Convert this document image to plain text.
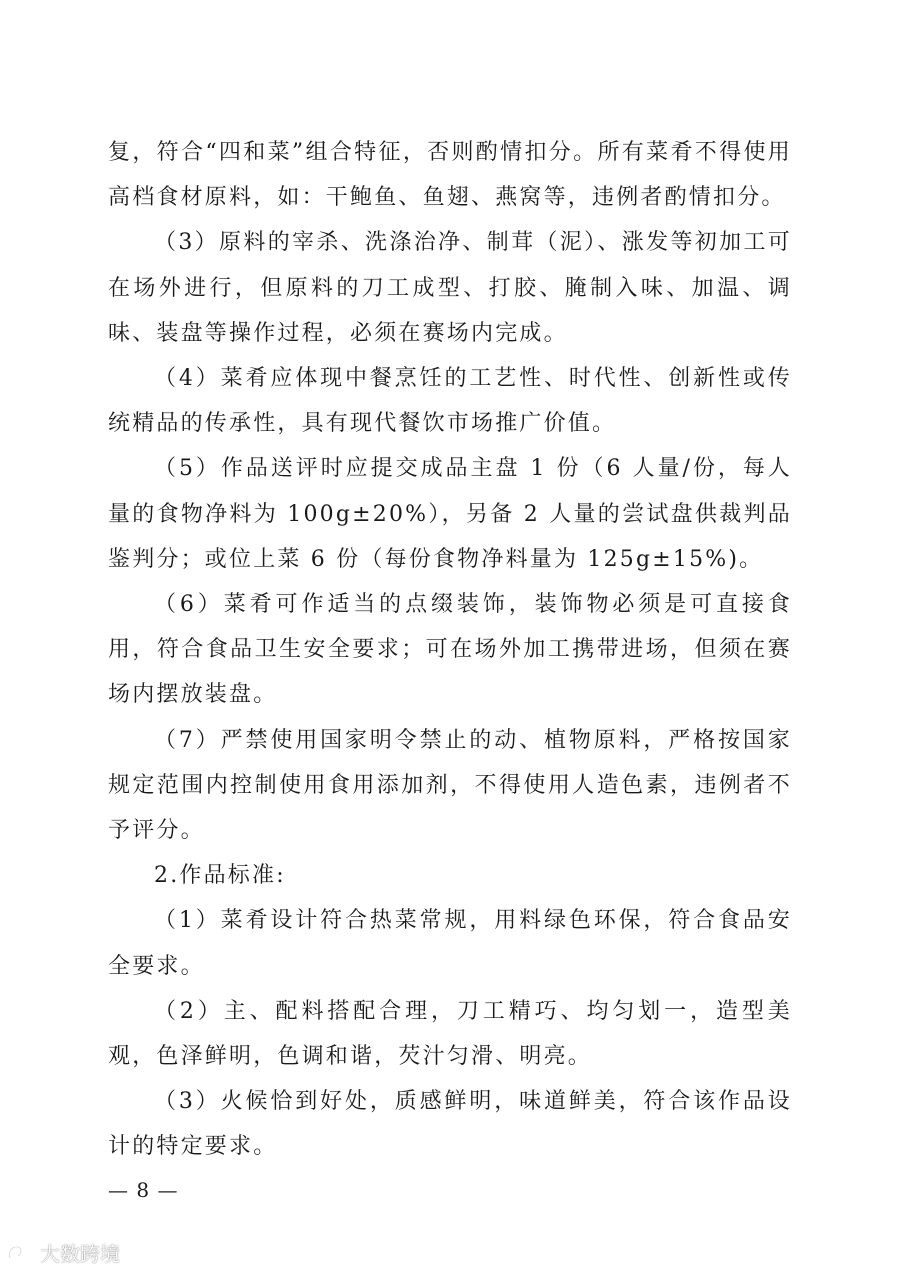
复，符合“四和菜”组合特征，否则酌情扣分。所有菜肴不得使用高档食材原料，如：干鲍鱼、鱼翅、燕窝等，违例者酌情扣分。

（3）原料的宰杀、洗涤治净、制茸（泥）、涨发等初加工可在场外进行，但原料的刀工成型、打胶、腌制入味、加温、调味、装盘等操作过程，必须在赛场内完成。

（4）菜肴应体现中餐烹饪的工艺性、时代性、创新性或传统精品的传承性，具有现代餐饮市场推广价值。

（5）作品送评时应提交成品主盘 1 份（6 人量/份，每人量的食物净料为 100g±20%），另备 2 人量的尝试盘供裁判品鉴判分；或位上菜 6 份（每份食物净料量为 125g±15%)。

（6）菜肴可作适当的点缀装饰，装饰物必须是可直接食用，符合食品卫生安全要求；可在场外加工携带进场，但须在赛场内摆放装盘。

（7）严禁使用国家明令禁止的动、植物原料，严格按国家规定范围内控制使用食用添加剂，不得使用人造色素，违例者不予评分。

2.作品标准:

（1）菜肴设计符合热菜常规，用料绿色环保，符合食品安全要求。

（2）主、配料搭配合理，刀工精巧、均匀划一，造型美观，色泽鲜明，色调和谐，芡汁匀滑、明亮。

（3）火候恰到好处，质感鲜明，味道鲜美，符合该作品设计的特定要求。

— 8 —
大数跨境
